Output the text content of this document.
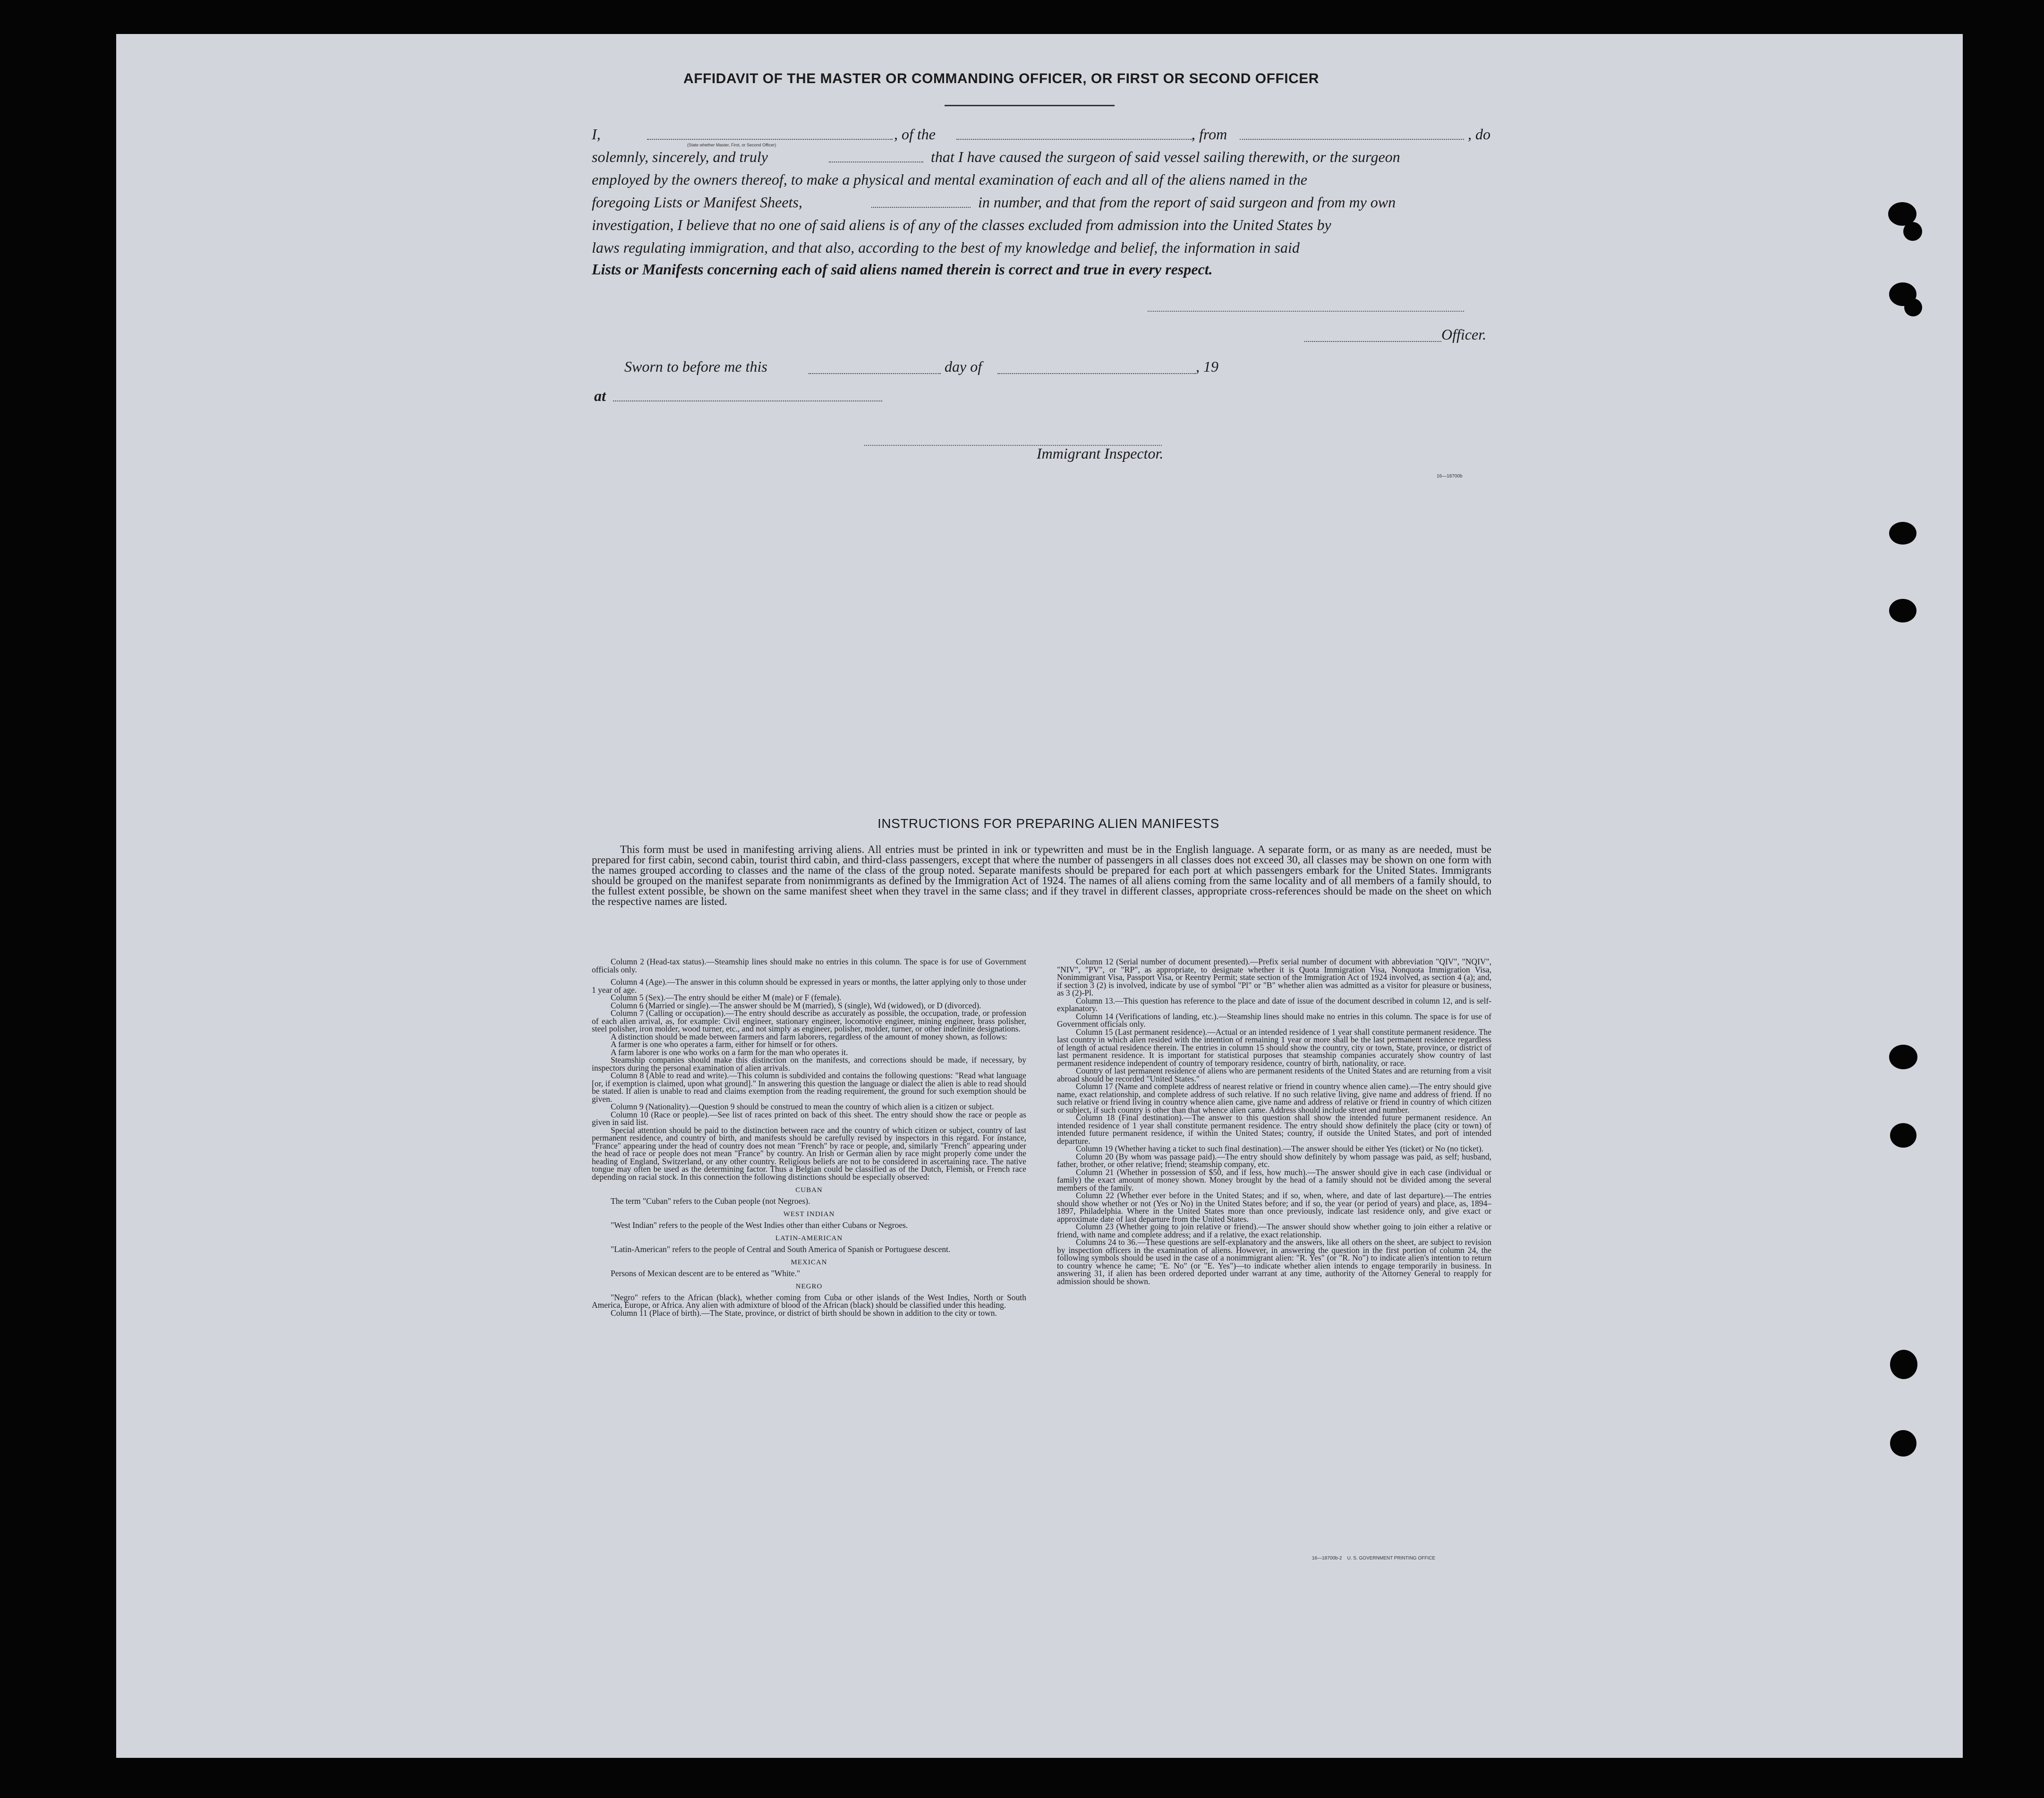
AFFIDAVIT OF THE MASTER OR COMMANDING OFFICER, OR FIRST OR SECOND OFFICER
I,	, of the	, from	, do
(State whether Master, First, or Second Officer)
solemnly, sincerely, and truly	that I have caused the surgeon of said vessel sailing therewith, or the surgeon
employed by the owners thereof, to make a physical and mental examination of each and all of the aliens named in the
foregoing Lists or Manifest Sheets,	in number, and that from the report of said surgeon and from my own
investigation, I believe that no one of said aliens is of any of the classes excluded from admission into the United States by
laws regulating immigration, and that also, according to the best of my knowledge and belief, the information in said
Lists or Manifests concerning each of said aliens named therein is correct and true in every respect.
Officer.
Sworn to before me this	day of	, 19
at
Immigrant Inspector.
16—18700b
INSTRUCTIONS FOR PREPARING ALIEN MANIFESTS
This form must be used in manifesting arriving aliens. All entries must be printed in ink or typewritten and must be in the English language. A separate form, or as many as are needed, must be prepared for first cabin, second cabin, tourist third cabin, and third-class passengers, except that where the number of passengers in all classes does not exceed 30, all classes may be shown on one form with the names grouped according to classes and the name of the class of the group noted. Separate manifests should be prepared for each port at which passengers embark for the United States. Immigrants should be grouped on the manifest separate from nonimmigrants as defined by the Immigration Act of 1924. The names of all aliens coming from the same locality and of all members of a family should, to the fullest extent possible, be shown on the same manifest sheet when they travel in the same class; and if they travel in different classes, appropriate cross-references should be made on the sheet on which the respective names are listed.

Column 2 (Head-tax status).—Steamship lines should make no entries in this column. The space is for use of Government officials only.

Column 4 (Age).—The answer in this column should be expressed in years or months, the latter applying only to those under 1 year of age.

Column 5 (Sex).—The entry should be either M (male) or F (female).

Column 6 (Married or single).—The answer should be M (married), S (single), Wd (widowed), or D (divorced).

Column 7 (Calling or occupation).—The entry should describe as accurately as possible, the occupation, trade, or profession of each alien arrival, as, for example: Civil engineer, stationary engineer, locomotive engineer, mining engineer, brass polisher, steel polisher, iron molder, wood turner, etc., and not simply as engineer, polisher, molder, turner, or other indefinite designations.

A distinction should be made between farmers and farm laborers, regardless of the amount of money shown, as follows:

A farmer is one who operates a farm, either for himself or for others.

A farm laborer is one who works on a farm for the man who operates it.

Steamship companies should make this distinction on the manifests, and corrections should be made, if necessary, by inspectors during the personal examination of alien arrivals.

Column 8 (Able to read and write).—This column is subdivided and contains the following questions: "Read what language [or, if exemption is claimed, upon what ground]." In answering this question the language or dialect the alien is able to read should be stated. If alien is unable to read and claims exemption from the reading requirement, the ground for such exemption should be given.

Column 9 (Nationality).—Question 9 should be construed to mean the country of which alien is a citizen or subject.

Column 10 (Race or people).—See list of races printed on back of this sheet. The entry should show the race or people as given in said list.

Special attention should be paid to the distinction between race and the country of which citizen or subject, country of last permanent residence, and country of birth, and manifests should be carefully revised by inspectors in this regard. For instance, "France" appearing under the head of country does not mean "French" by race or people, and, similarly "French" appearing under the head of race or people does not mean "France" by country. An Irish or German alien by race might properly come under the heading of England, Switzerland, or any other country. Religious beliefs are not to be considered in ascertaining race. The native tongue may often be used as the determining factor. Thus a Belgian could be classified as of the Dutch, Flemish, or French race depending on racial stock. In this connection the following distinctions should be especially observed:

CUBAN

The term "Cuban" refers to the Cuban people (not Negroes).

WEST INDIAN

"West Indian" refers to the people of the West Indies other than either Cubans or Negroes.

LATIN-AMERICAN

"Latin-American" refers to the people of Central and South America of Spanish or Portuguese descent.

MEXICAN

Persons of Mexican descent are to be entered as "White."

NEGRO

"Negro" refers to the African (black), whether coming from Cuba or other islands of the West Indies, North or South America, Europe, or Africa. Any alien with admixture of blood of the African (black) should be classified under this heading.

Column 11 (Place of birth).—The State, province, or district of birth should be shown in addition to the city or town.

Column 12 (Serial number of document presented).—Prefix serial number of document with abbreviation "QIV", "NQIV", "NIV", "PV", or "RP", as appropriate, to designate whether it is Quota Immigration Visa, Nonquota Immigration Visa, Nonimmigrant Visa, Passport Visa, or Reentry Permit; state section of the Immigration Act of 1924 involved, as section 4 (a); and, if section 3 (2) is involved, indicate by use of symbol "Pl" or "B" whether alien was admitted as a visitor for pleasure or business, as 3 (2)-Pl.

Column 13.—This question has reference to the place and date of issue of the document described in column 12, and is self-explanatory.

Column 14 (Verifications of landing, etc.).—Steamship lines should make no entries in this column. The space is for use of Government officials only.

Column 15 (Last permanent residence).—Actual or an intended residence of 1 year shall constitute permanent residence. The last country in which alien resided with the intention of remaining 1 year or more shall be the last permanent residence regardless of length of actual residence therein. The entries in column 15 should show the country, city or town, State, province, or district of last permanent residence. It is important for statistical purposes that steamship companies accurately show country of last permanent residence independent of country of temporary residence, country of birth, nationality, or race.

Country of last permanent residence of aliens who are permanent residents of the United States and are returning from a visit abroad should be recorded "United States."

Column 17 (Name and complete address of nearest relative or friend in country whence alien came).—The entry should give name, exact relationship, and complete address of such relative. If no such relative living, give name and address of friend. If no such relative or friend living in country whence alien came, give name and address of relative or friend in country of which citizen or subject, if such country is other than that whence alien came. Address should include street and number.

Column 18 (Final destination).—The answer to this question shall show the intended future permanent residence. An intended residence of 1 year shall constitute permanent residence. The entry should show definitely the place (city or town) of intended future permanent residence, if within the United States; country, if outside the United States, and port of intended departure.

Column 19 (Whether having a ticket to such final destination).—The answer should be either Yes (ticket) or No (no ticket).

Column 20 (By whom was passage paid).—The entry should show definitely by whom passage was paid, as self; husband, father, brother, or other relative; friend; steamship company, etc.

Column 21 (Whether in possession of $50, and if less, how much).—The answer should give in each case (individual or family) the exact amount of money shown. Money brought by the head of a family should not be divided among the several members of the family.

Column 22 (Whether ever before in the United States; and if so, when, where, and date of last departure).—The entries should show whether or not (Yes or No) in the United States before; and if so, the year (or period of years) and place, as, 1894–1897, Philadelphia. Where in the United States more than once previously, indicate last residence only, and give exact or approximate date of last departure from the United States.

Column 23 (Whether going to join relative or friend).—The answer should show whether going to join either a relative or friend, with name and complete address; and if a relative, the exact relationship.

Columns 24 to 36.—These questions are self-explanatory and the answers, like all others on the sheet, are subject to revision by inspection officers in the examination of aliens. However, in answering the question in the first portion of column 24, the following symbols should be used in the case of a nonimmigrant alien: "R. Yes" (or "R. No") to indicate alien's intention to return to country whence he came; "E. No" (or "E. Yes")—to indicate whether alien intends to engage temporarily in business. In answering 31, if alien has been ordered deported under warrant at any time, authority of the Attorney General to reapply for admission should be shown.

16—18700b-2 U. S. GOVERNMENT PRINTING OFFICE
